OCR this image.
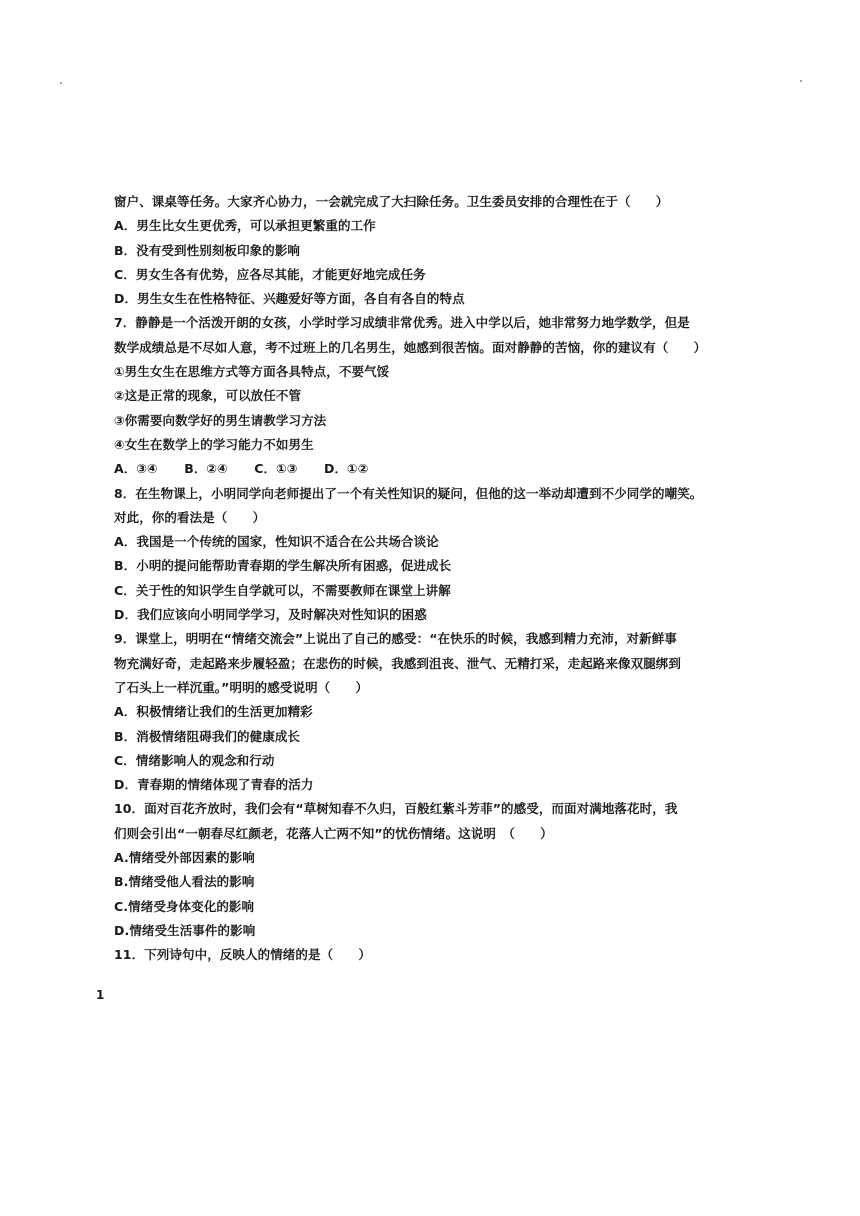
窗户、课桌等任务。大家齐心协力，一会就完成了大扫除任务。卫生委员安排的合理性在于（　　）
A．男生比女生更优秀，可以承担更繁重的工作
B．没有受到性别刻板印象的影响
C．男女生各有优势，应各尽其能，才能更好地完成任务
D．男生女生在性格特征、兴趣爱好等方面，各自有各自的特点
7．静静是一个活泼开朗的女孩，小学时学习成绩非常优秀。进入中学以后，她非常努力地学数学，但是
数学成绩总是不尽如人意，考不过班上的几名男生，她感到很苦恼。面对静静的苦恼，你的建议有（　　）
①男生女生在思维方式等方面各具特点，不要气馁
②这是正常的现象，可以放任不管
③你需要向数学好的男生请教学习方法
④女生在数学上的学习能力不如男生
A．③④ B．②④ C．①③ D．①②
8．在生物课上，小明同学向老师提出了一个有关性知识的疑问，但他的这一举动却遭到不少同学的嘲笑。
对此，你的看法是（　　）
A．我国是一个传统的国家，性知识不适合在公共场合谈论
B．小明的提问能帮助青春期的学生解决所有困惑，促进成长
C．关于性的知识学生自学就可以，不需要教师在课堂上讲解
D．我们应该向小明同学学习，及时解决对性知识的困惑
9．课堂上，明明在“情绪交流会”上说出了自己的感受：“在快乐的时候，我感到精力充沛，对新鲜事
物充满好奇，走起路来步履轻盈；在悲伤的时候，我感到沮丧、泄气、无精打采，走起路来像双腿绑到
了石头上一样沉重。”明明的感受说明（　　）
A．积极情绪让我们的生活更加精彩
B．消极情绪阻碍我们的健康成长
C．情绪影响人的观念和行动
D．青春期的情绪体现了青春的活力
10．面对百花齐放时，我们会有“草树知春不久归，百般红紫斗芳菲”的感受，而面对满地落花时，我
们则会引出“一朝春尽红颜老，花落人亡两不知”的忧伤情绪。这说明　（　　）
A.情绪受外部因素的影响
B.情绪受他人看法的影响
C.情绪受身体变化的影响
D.情绪受生活事件的影响
11．下列诗句中，反映人的情绪的是（　　）
1
